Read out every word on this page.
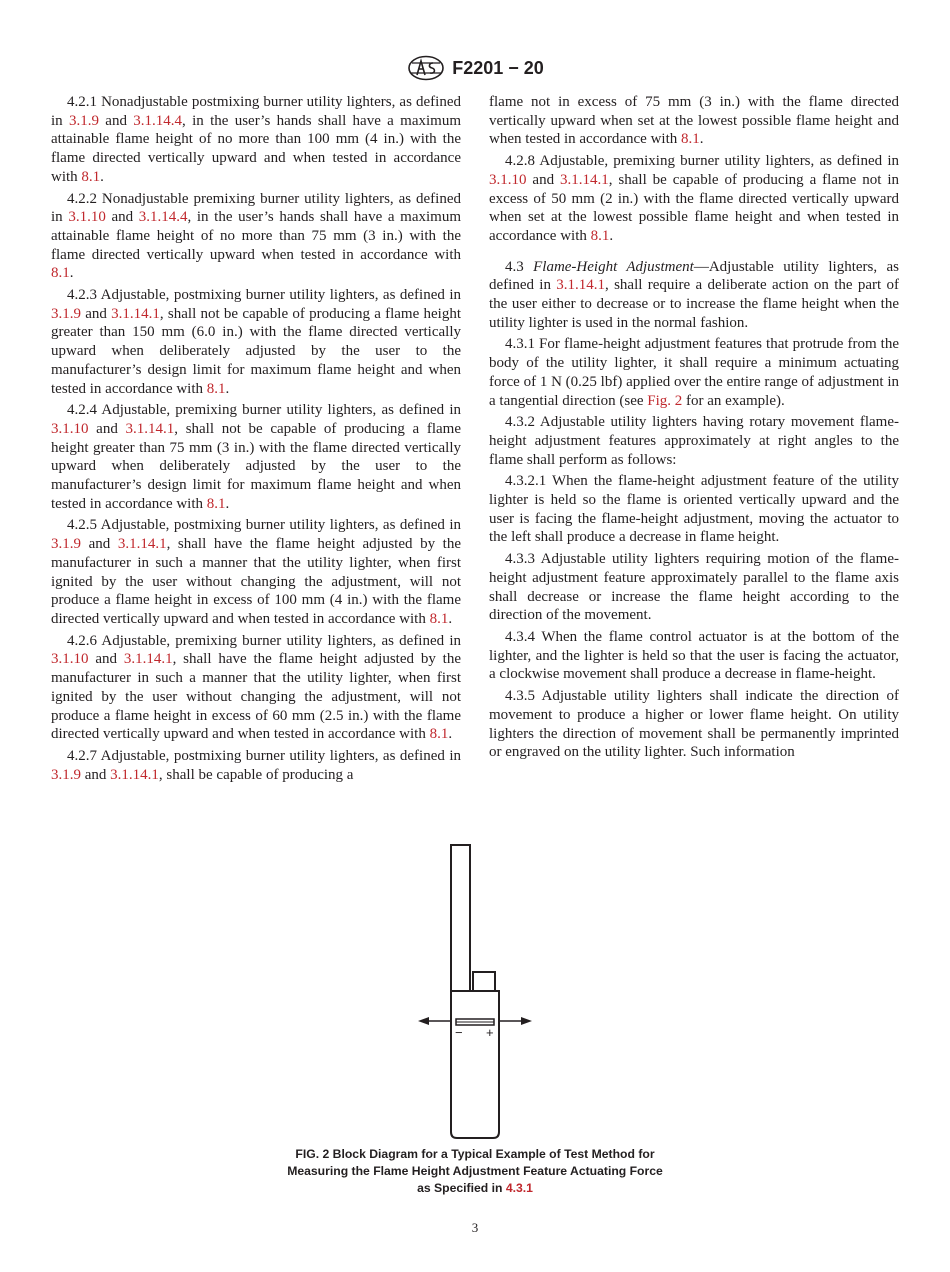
F2201 − 20

4.2.1 Nonadjustable postmixing burner utility lighters, as defined in 3.1.9 and 3.1.14.4, in the user’s hands shall have a maximum attainable flame height of no more than 100 mm (4 in.) with the flame directed vertically upward and when tested in accordance with 8.1.

4.2.2 Nonadjustable premixing burner utility lighters, as defined in 3.1.10 and 3.1.14.4, in the user’s hands shall have a maximum attainable flame height of no more than 75 mm (3 in.) with the flame directed vertically upward when tested in accordance with 8.1.

4.2.3 Adjustable, postmixing burner utility lighters, as defined in 3.1.9 and 3.1.14.1, shall not be capable of producing a flame height greater than 150 mm (6.0 in.) with the flame directed vertically upward when deliberately adjusted by the user to the manufacturer’s design limit for maximum flame height and when tested in accordance with 8.1.

4.2.4 Adjustable, premixing burner utility lighters, as defined in 3.1.10 and 3.1.14.1, shall not be capable of producing a flame height greater than 75 mm (3 in.) with the flame directed vertically upward when deliberately adjusted by the user to the manufacturer’s design limit for maximum flame height and when tested in accordance with 8.1.

4.2.5 Adjustable, postmixing burner utility lighters, as defined in 3.1.9 and 3.1.14.1, shall have the flame height adjusted by the manufacturer in such a manner that the utility lighter, when first ignited by the user without changing the adjustment, will not produce a flame height in excess of 100 mm (4 in.) with the flame directed vertically upward and when tested in accordance with 8.1.

4.2.6 Adjustable, premixing burner utility lighters, as defined in 3.1.10 and 3.1.14.1, shall have the flame height adjusted by the manufacturer in such a manner that the utility lighter, when first ignited by the user without changing the adjustment, will not produce a flame height in excess of 60 mm (2.5 in.) with the flame directed vertically upward and when tested in accordance with 8.1.

4.2.7 Adjustable, postmixing burner utility lighters, as defined in 3.1.9 and 3.1.14.1, shall be capable of producing a

flame not in excess of 75 mm (3 in.) with the flame directed vertically upward when set at the lowest possible flame height and when tested in accordance with 8.1.

4.2.8 Adjustable, premixing burner utility lighters, as defined in 3.1.10 and 3.1.14.1, shall be capable of producing a flame not in excess of 50 mm (2 in.) with the flame directed vertically upward when set at the lowest possible flame height and when tested in accordance with 8.1.

4.3 Flame-Height Adjustment—Adjustable utility lighters, as defined in 3.1.14.1, shall require a deliberate action on the part of the user either to decrease or to increase the flame height when the utility lighter is used in the normal fashion.

4.3.1 For flame-height adjustment features that protrude from the body of the utility lighter, it shall require a minimum actuating force of 1 N (0.25 lbf) applied over the entire range of adjustment in a tangential direction (see Fig. 2 for an example).

4.3.2 Adjustable utility lighters having rotary movement flame-height adjustment features approximately at right angles to the flame shall perform as follows:

4.3.2.1 When the flame-height adjustment feature of the utility lighter is held so the flame is oriented vertically upward and the user is facing the flame-height adjustment, moving the actuator to the left shall produce a decrease in flame height.

4.3.3 Adjustable utility lighters requiring motion of the flame-height adjustment feature approximately parallel to the flame axis shall decrease or increase the flame height according to the direction of the movement.

4.3.4 When the flame control actuator is at the bottom of the lighter, and the lighter is held so that the user is facing the actuator, a clockwise movement shall produce a decrease in flame-height.

4.3.5 Adjustable utility lighters shall indicate the direction of movement to produce a higher or lower flame height. On utility lighters the direction of movement shall be permanently imprinted or engraved on the utility lighter. Such information

− +
FIG. 2 Block Diagram for a Typical Example of Test Method for
Measuring the Flame Height Adjustment Feature Actuating Force
as Specified in 4.3.1
3
